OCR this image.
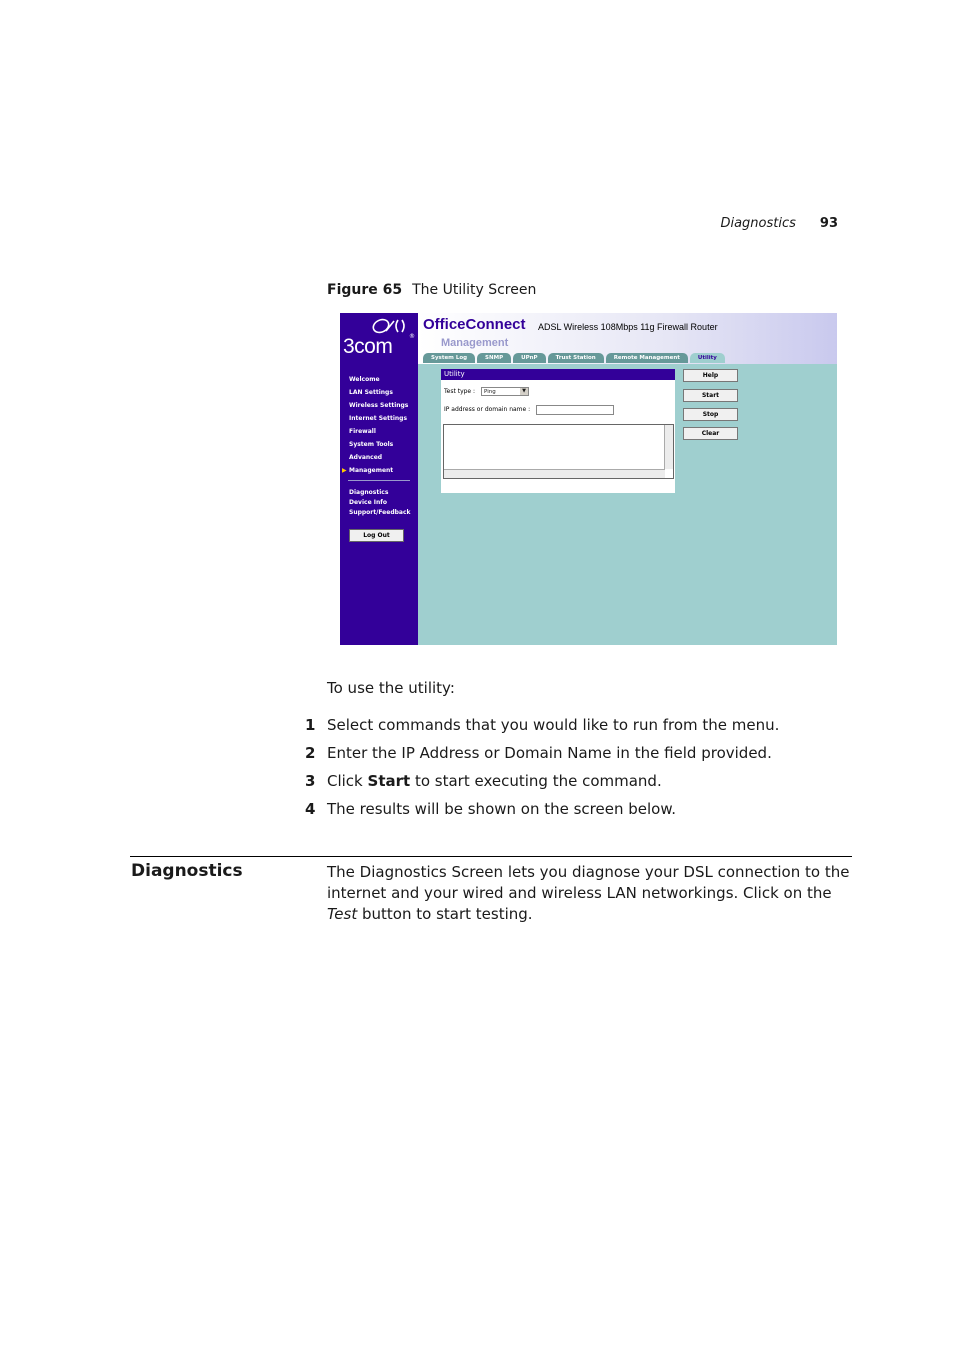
Diagnostics 93
Figure 65 The Utility Screen
®
3com
Welcome
LAN Settings
Wireless Settings
Internet Settings
Firewall
System Tools
Advanced
▶ Management
Diagnostics
Device Info
Support/Feedback
Log Out
OfficeConnect ADSL Wireless 108Mbps 11g Firewall Router
Management
System Log	SNMP	UPnP	Trust Station	Remote Management	Utility
Utility
Test type :	Ping	▼
IP address or domain name :
Help
Start
Stop
Clear
To use the utility:
1 Select commands that you would like to run from the menu.
2 Enter the IP Address or Domain Name in the field provided.
3 Click Start to start executing the command.
4 The results will be shown on the screen below.
Diagnostics	The Diagnostics Screen lets you diagnose your DSL connection to the internet and your wired and wireless LAN networkings. Click on the Test button to start testing.
